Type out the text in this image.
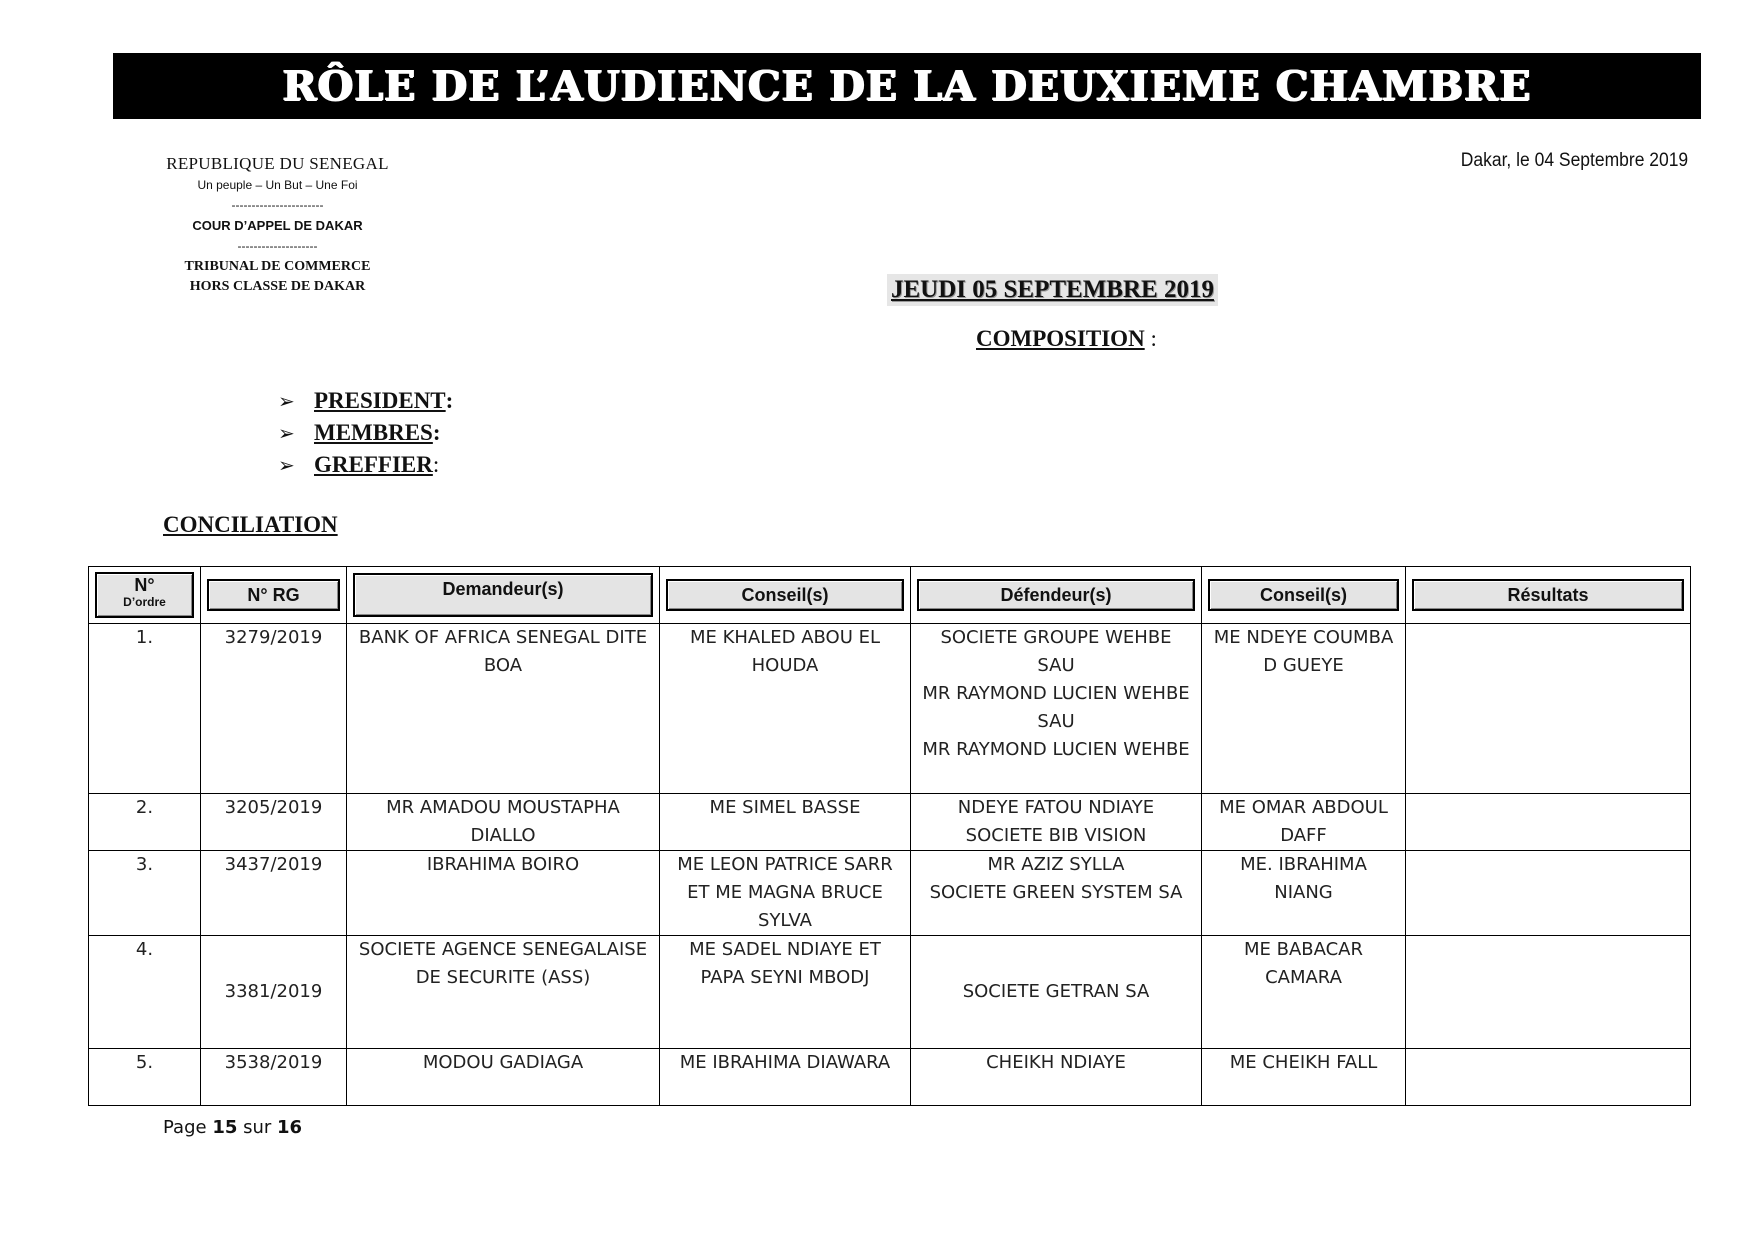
RÔLE DE L’AUDIENCE DE LA DEUXIEME CHAMBRE
REPUBLIQUE DU SENEGAL
Un peuple – Un But – Une Foi
-----------------------
COUR D’APPEL DE DAKAR
--------------------
TRIBUNAL DE COMMERCE
HORS CLASSE DE DAKAR
Dakar, le 04 Septembre 2019
JEUDI 05 SEPTEMBRE 2019
COMPOSITION :
➢ PRESIDENT :
➢ MEMBRES :
➢ GREFFIER :
CONCILIATION
N°
D’ordre	N° RG	Demandeur(s)	Conseil(s)	Défendeur(s)	Conseil(s)	Résultats

1.	3279/2019	BANK OF AFRICA SENEGAL DITE BOA	ME KHALED ABOU EL HOUDA	SOCIETE GROUPE WEHBE SAU
MR RAYMOND LUCIEN WEHBE SAU
MR RAYMOND LUCIEN WEHBE	ME NDEYE COUMBA D GUEYE	
2.	3205/2019	MR AMADOU MOUSTAPHA DIALLO	ME SIMEL BASSE	NDEYE FATOU NDIAYE
SOCIETE BIB VISION	ME OMAR ABDOUL DAFF	
3.	3437/2019	IBRAHIMA BOIRO	ME LEON PATRICE SARR ET ME MAGNA BRUCE SYLVA	MR AZIZ SYLLA
SOCIETE GREEN SYSTEM SA	ME. IBRAHIMA NIANG	
4.	3381/2019	SOCIETE AGENCE SENEGALAISE DE SECURITE (ASS)	ME SADEL NDIAYE ET PAPA SEYNI MBODJ	SOCIETE GETRAN SA	ME BABACAR CAMARA	
5.	3538/2019	MODOU GADIAGA	ME IBRAHIMA DIAWARA	CHEIKH NDIAYE	ME CHEIKH FALL	
Page 15 sur 16
